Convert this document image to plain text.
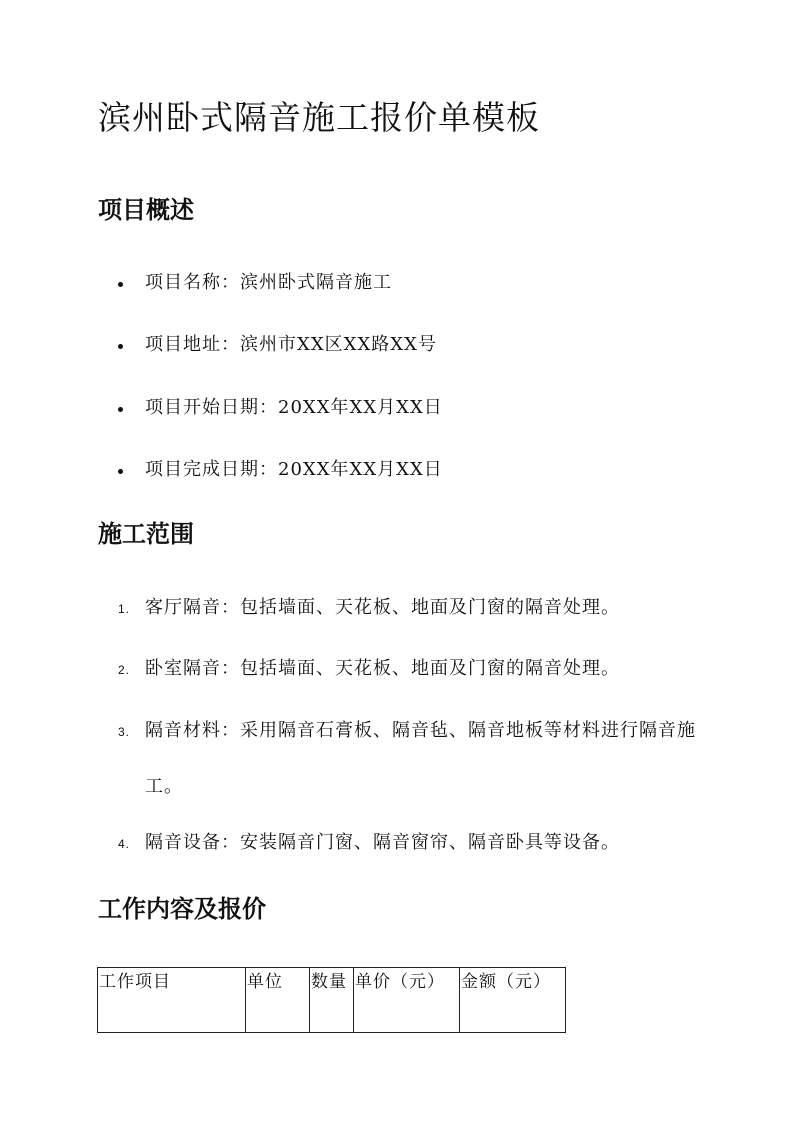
滨州卧式隔音施工报价单模板
项目概述
项目名称：滨州卧式隔音施工
项目地址：滨州市XX区XX路XX号
项目开始日期：20XX年XX月XX日
项目完成日期：20XX年XX月XX日
施工范围
1. 客厅隔音：包括墙面、天花板、地面及门窗的隔音处理。
2. 卧室隔音：包括墙面、天花板、地面及门窗的隔音处理。
3. 隔音材料：采用隔音石膏板、隔音毡、隔音地板等材料进行隔音施工。
4. 隔音设备：安装隔音门窗、隔音窗帘、隔音卧具等设备。
工作内容及报价
工作项目	单位	数量	单价（元）	金额（元）
